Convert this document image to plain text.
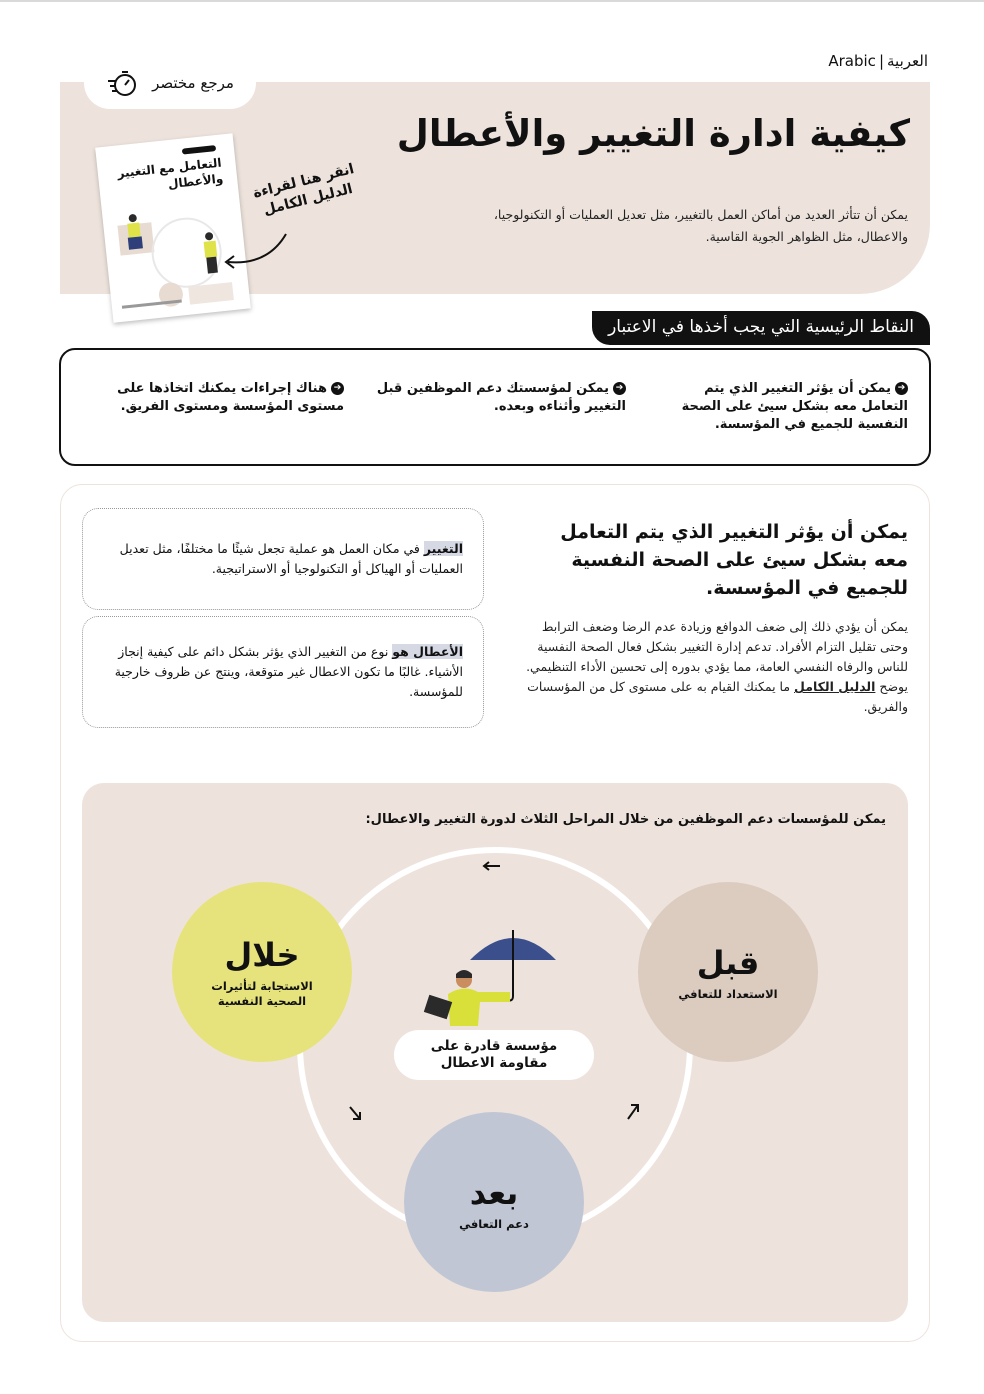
Arabic | العربية
مرجع مختصر
كيفية ادارة التغيير والأعطال
يمكن أن تتأثر العديد من أماكن العمل بالتغيير، مثل تعديل العمليات أو التكنولوجيا، والاعطال، مثل الظواهر الجوية القاسية.
التعامل مع التغيير والأعطال	انقر هنا لقراءة الدليل الكامل
النقاط الرئيسية التي يجب أخذها في الاعتبار
➔يمكن أن يؤثر التغيير الذي يتم التعامل معه بشكل سيئ على الصحة النفسية للجميع في المؤسسة.
➔يمكن لمؤسستك دعم الموظفين قبل التغيير وأثناءه وبعده.
➔هناك إجراءات يمكنك اتخاذها على مستوى المؤسسة ومستوى الفريق.
يمكن أن يؤثر التغيير الذي يتم التعامل معه بشكل سيئ على الصحة النفسية للجميع في المؤسسة.
يمكن أن يؤدي ذلك إلى ضعف الدوافع وزيادة عدم الرضا وضعف الترابط وحتى تقليل التزام الأفراد. تدعم إدارة التغيير بشكل فعال الصحة النفسية للناس والرفاه النفسي العامة، مما يؤدي بدوره إلى تحسين الأداء التنظيمي. يوضح الدليل الكامل ما يمكنك القيام به على مستوى كل من المؤسسات والفريق.
التغيير في مكان العمل هو عملية تجعل شيئًا ما مختلفًا، مثل تعديل العمليات أو الهياكل أو التكنولوجيا أو الاستراتيجية.
الأعطال هو نوع من التغيير الذي يؤثر بشكل دائم على كيفية إنجاز الأشياء. غالبًا ما تكون الاعطال غير متوقعة، وينتج عن ظروف خارجية للمؤسسة.
يمكن للمؤسسات دعم الموظفين من خلال المراحل الثلاث لدورة التغيير والاعطال:
خلال
الاستجابة لتأثيرات الصحية النفسية
قبل
الاستعداد للتعافي
بعد
دعم التعافي
مؤسسة قادرة على مقاومة الاعطال
